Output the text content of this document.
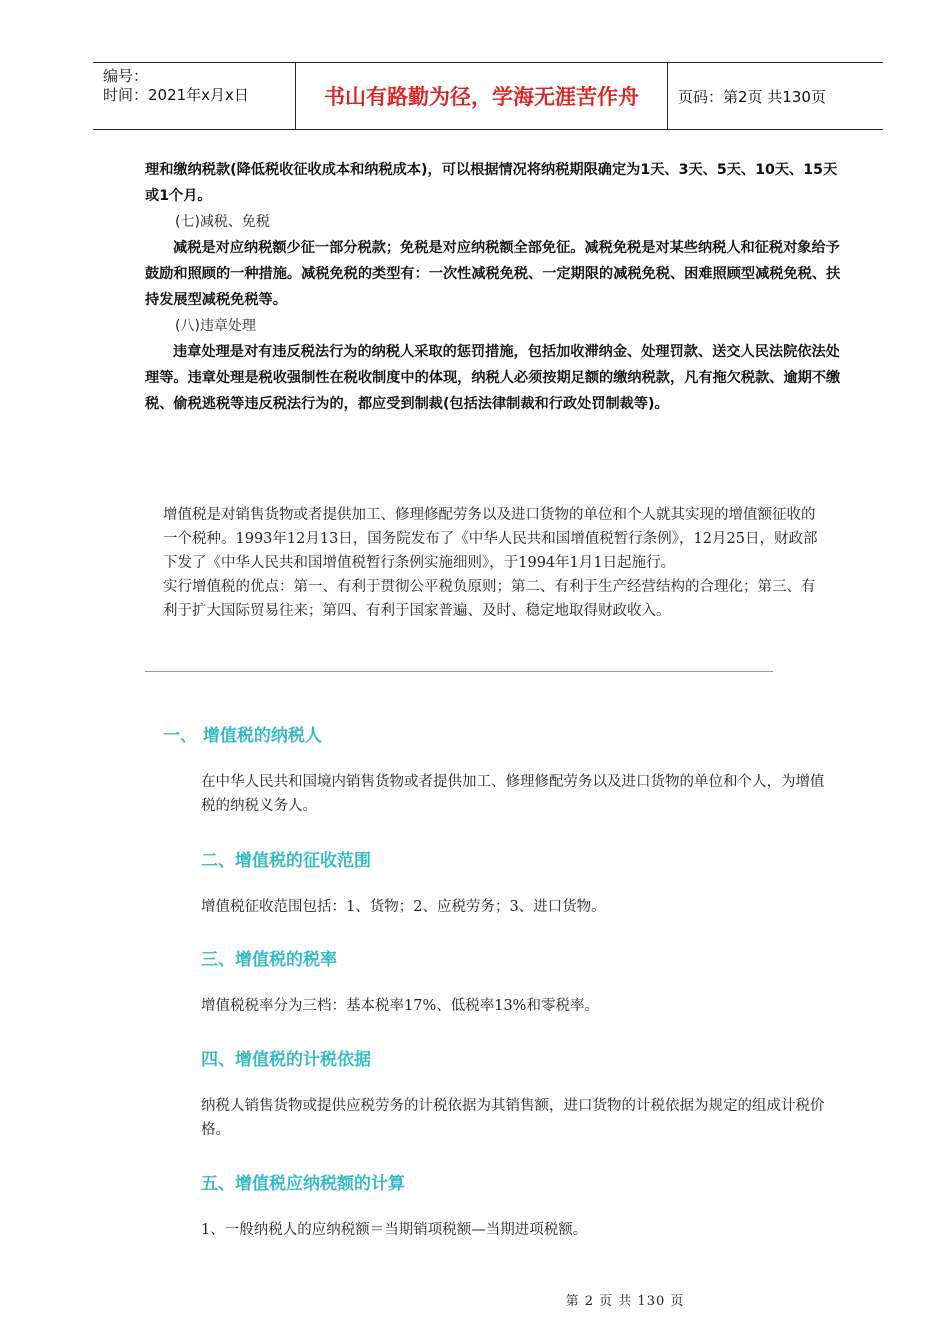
编号：
时间：2021年x月x日	书山有路勤为径，学海无涯苦作舟	页码：第2页 共130页

理和缴纳税款(降低税收征收成本和纳税成本)，可以根据情况将纳税期限确定为1天、3天、5天、10天、15天或1个月。

(七)减税、免税

减税是对应纳税额少征一部分税款；免税是对应纳税额全部免征。减税免税是对某些纳税人和征税对象给予鼓励和照顾的一种措施。减税免税的类型有：一次性减税免税、一定期限的减税免税、困难照顾型减税免税、扶持发展型减税免税等。

(八)违章处理

违章处理是对有违反税法行为的纳税人采取的惩罚措施，包括加收滞纳金、处理罚款、送交人民法院依法处理等。违章处理是税收强制性在税收制度中的体现，纳税人必须按期足额的缴纳税款，凡有拖欠税款、逾期不缴税、偷税逃税等违反税法行为的，都应受到制裁(包括法律制裁和行政处罚制裁等)。

增值税是对销售货物或者提供加工、修理修配劳务以及进口货物的单位和个人就其实现的增值额征收的一个税种。1993年12月13日，国务院发布了《中华人民共和国增值税暂行条例》，12月25日，财政部下发了《中华人民共和国增值税暂行条例实施细则》，于1994年1月1日起施行。

实行增值税的优点：第一、有利于贯彻公平税负原则；第二、有利于生产经营结构的合理化；第三、有利于扩大国际贸易往来；第四、有利于国家普遍、及时、稳定地取得财政收入。

一、 增值税的纳税人

在中华人民共和国境内销售货物或者提供加工、修理修配劳务以及进口货物的单位和个人，为增值税的纳税义务人。

二、增值税的征收范围

增值税征收范围包括：1、货物；2、应税劳务；3、进口货物。

三、增值税的税率

增值税税率分为三档：基本税率17%、低税率13%和零税率。

四、增值税的计税依据

纳税人销售货物或提供应税劳务的计税依据为其销售额，进口货物的计税依据为规定的组成计税价格。

五、增值税应纳税额的计算

1、一般纳税人的应纳税额＝当期销项税额—当期进项税额。

第 2 页 共 130 页
